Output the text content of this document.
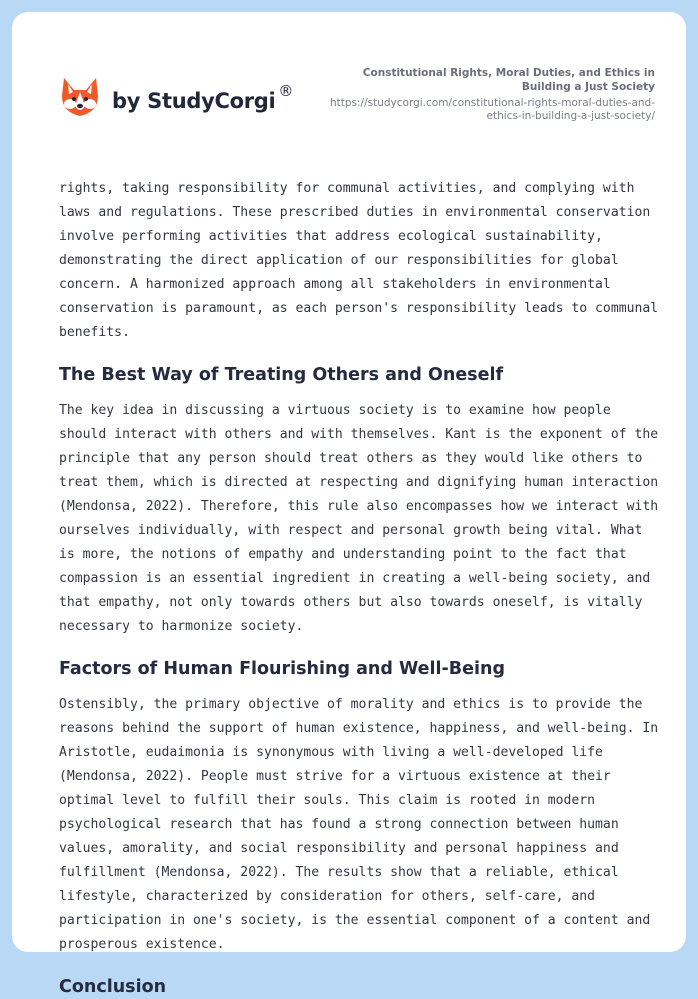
by StudyCorgi ®
Constitutional Rights, Moral Duties, and Ethics in Building a Just Society
https://studycorgi.com/constitutional-rights-moral-duties-and-ethics-in-building-a-just-society/

rights, taking responsibility for communal activities, and complying with laws and regulations. These prescribed duties in environmental conservation involve performing activities that address ecological sustainability, demonstrating the direct application of our responsibilities for global concern. A harmonized approach among all stakeholders in environmental conservation is paramount, as each person's responsibility leads to communal benefits.

The Best Way of Treating Others and Oneself

The key idea in discussing a virtuous society is to examine how people should interact with others and with themselves. Kant is the exponent of the principle that any person should treat others as they would like others to treat them, which is directed at respecting and dignifying human interaction (Mendonsa, 2022). Therefore, this rule also encompasses how we interact with ourselves individually, with respect and personal growth being vital. What is more, the notions of empathy and understanding point to the fact that compassion is an essential ingredient in creating a well-being society, and that empathy, not only towards others but also towards oneself, is vitally necessary to harmonize society.

Factors of Human Flourishing and Well-Being

Ostensibly, the primary objective of morality and ethics is to provide the reasons behind the support of human existence, happiness, and well-being. In Aristotle, eudaimonia is synonymous with living a well-developed life (Mendonsa, 2022). People must strive for a virtuous existence at their optimal level to fulfill their souls. This claim is rooted in modern psychological research that has found a strong connection between human values, amorality, and social responsibility and personal happiness and fulfillment (Mendonsa, 2022). The results show that a reliable, ethical lifestyle, characterized by consideration for others, self-care, and participation in one's society, is the essential component of a content and prosperous existence.

Conclusion
